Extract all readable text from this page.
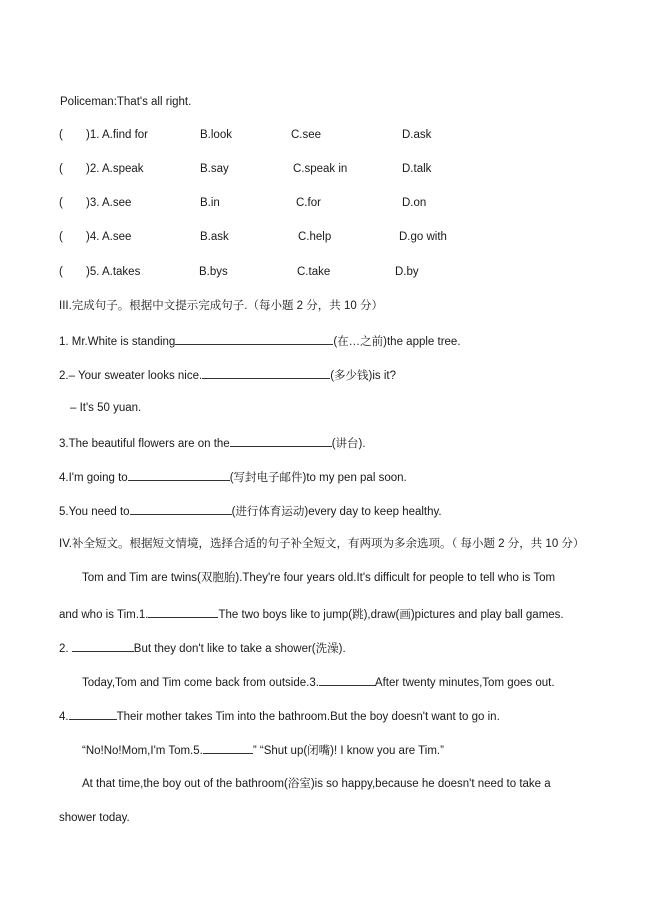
Policeman:That's all right.
( )1. A.find for	B.look	C.see	D.ask
( )2. A.speak	B.say	C.speak in	D.talk
( )3. A.see	B.in	C.for	D.on
( )4. A.see	B.ask	C.help	D.go with
( )5. A.takes	B.bys	C.take	D.by
III.完成句子。根据中文提示完成句子.（每小题 2 分，共 10 分）
1. Mr.White is standing	(在…之前)the apple tree.
2.– Your sweater looks nice.	(多少钱)is it?
– It's 50 yuan.
3.The beautiful flowers are on the	(讲台).
4.I'm going to	(写封电子邮件)to my pen pal soon.
5.You need to	(进行体育运动)every day to keep healthy.
IV.补全短文。根据短文情境，选择合适的句子补全短文，有两项为多余选项。（ 每小题 2 分，共 10 分）
Tom and Tim are twins(双胞胎).They're four years old.It's difficult for people to tell who is Tom
and who is Tim.1.	The two boys like to jump(跳),draw(画)pictures and play ball games.
2.	But they don't like to take a shower(洗澡).
Today,Tom and Tim come back from outside.3.	After twenty minutes,Tom goes out.
4.	Their mother takes Tim into the bathroom.But the boy doesn't want to go in.
“No!No!Mom,I'm Tom.5.	” “Shut up(闭嘴)! I know you are Tim.”
At that time,the boy out of the bathroom(浴室)is so happy,because he doesn't need to take a
shower today.
